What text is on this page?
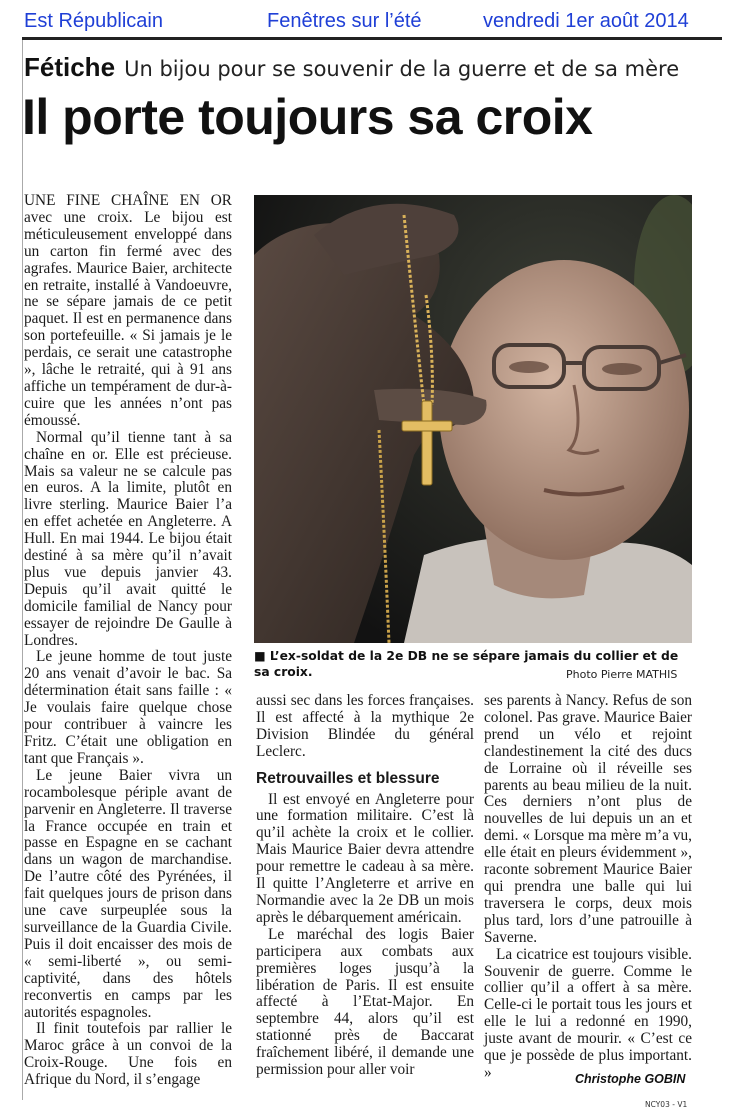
Est Républicain	Fenêtres sur l’été	vendredi 1er août 2014
Fétiche Un bijou pour se souvenir de la guerre et de sa mère
Il porte toujours sa croix

UNE FINE CHAÎNE EN OR avec une croix. Le bijou est méticuleusement enveloppé dans un carton fin fermé avec des agrafes. Maurice Baier, architecte en retraite, installé à Vandoeuvre, ne se sépare jamais de ce petit paquet. Il est en permanence dans son portefeuille. « Si jamais je le perdais, ce serait une catastrophe », lâche le retraité, qui à 91 ans affiche un tempérament de dur-à-cuire que les années n’ont pas émoussé.

Normal qu’il tienne tant à sa chaîne en or. Elle est précieuse. Mais sa valeur ne se calcule pas en euros. A la limite, plutôt en livre sterling. Maurice Baier l’a en effet achetée en Angleterre. A Hull. En mai 1944. Le bijou était destiné à sa mère qu’il n’avait plus vue depuis janvier 43. Depuis qu’il avait quitté le domicile familial de Nancy pour essayer de rejoindre De Gaulle à Londres.

Le jeune homme de tout juste 20 ans venait d’avoir le bac. Sa détermination était sans faille : « Je voulais faire quelque chose pour contribuer à vaincre les Fritz. C’était une obligation en tant que Français ».

Le jeune Baier vivra un rocambolesque périple avant de parvenir en Angleterre. Il traverse la France occupée en train et passe en Espagne en se cachant dans un wagon de marchandise. De l’autre côté des Pyrénées, il fait quelques jours de prison dans une cave surpeuplée sous la surveillance de la Guardia Civile. Puis il doit encaisser des mois de « semi-liberté », ou semi-captivité, dans des hôtels reconvertis en camps par les autorités espagnoles.

Il finit toutefois par rallier le Maroc grâce à un convoi de la Croix-Rouge. Une fois en Afrique du Nord, il s’engage

■ L’ex-soldat de la 2e DB ne se sépare jamais du collier et de sa croix.	Photo Pierre MATHIS

aussi sec dans les forces françaises. Il est affecté à la mythique 2e Division Blindée du général Leclerc.

Retrouvailles et blessure

Il est envoyé en Angleterre pour une formation militaire. C’est là qu’il achète la croix et le collier. Mais Maurice Baier devra attendre pour remettre le cadeau à sa mère. Il quitte l’Angleterre et arrive en Normandie avec la 2e DB un mois après le débarquement américain.

Le maréchal des logis Baier participera aux combats aux premières loges jusqu’à la libération de Paris. Il est ensuite affecté à l’Etat-Major. En septembre 44, alors qu’il est stationné près de Baccarat fraîchement libéré, il demande une permission pour aller voir

ses parents à Nancy. Refus de son colonel. Pas grave. Maurice Baier prend un vélo et rejoint clandestinement la cité des ducs de Lorraine où il réveille ses parents au beau milieu de la nuit. Ces derniers n’ont plus de nouvelles de lui depuis un an et demi. « Lorsque ma mère m’a vu, elle était en pleurs évidemment », raconte sobrement Maurice Baier qui prendra une balle qui lui traversera le corps, deux mois plus tard, lors d’une patrouille à Saverne.

La cicatrice est toujours visible. Souvenir de guerre. Comme le collier qu’il a offert à sa mère. Celle-ci le portait tous les jours et elle le lui a redonné en 1990, juste avant de mourir. « C’est ce que je possède de plus important. »	Christophe GOBIN
NCY03 - V1
